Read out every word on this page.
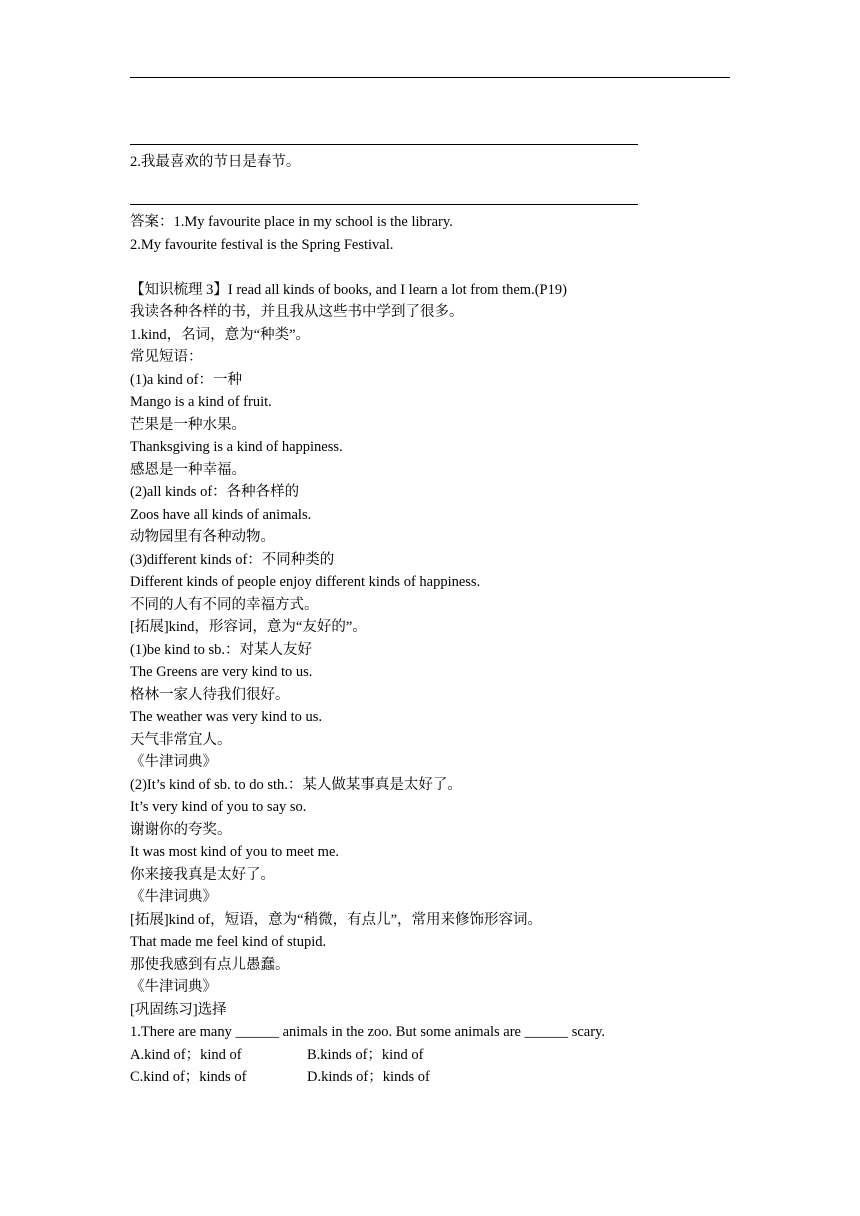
2.我最喜欢的节日是春节。

答案：1.My favourite place in my school is the library.

2.My favourite festival is the Spring Festival.

【知识梳理 3】I read all kinds of books, and I learn a lot from them.(P19)

我读各种各样的书，并且我从这些书中学到了很多。

1.kind，名词，意为“种类”。

常见短语：

(1)a kind of：一种

Mango is a kind of fruit.

芒果是一种水果。

Thanksgiving is a kind of happiness.

感恩是一种幸福。

(2)all kinds of：各种各样的

Zoos have all kinds of animals.

动物园里有各种动物。

(3)different kinds of：不同种类的

Different kinds of people enjoy different kinds of happiness.

不同的人有不同的幸福方式。

[拓展]kind，形容词，意为“友好的”。

(1)be kind to sb.：对某人友好

The Greens are very kind to us.

格林一家人待我们很好。

The weather was very kind to us.

天气非常宜人。

《牛津词典》

(2)It’s kind of sb. to do sth.：某人做某事真是太好了。

It’s very kind of you to say so.

谢谢你的夸奖。

It was most kind of you to meet me.

你来接我真是太好了。

《牛津词典》

[拓展]kind of，短语，意为“稍微，有点儿”，常用来修饰形容词。

That made me feel kind of stupid.

那使我感到有点儿愚蠢。

《牛津词典》

[巩固练习]选择

1.There are many ______ animals in the zoo. But some animals are ______ scary.

A.kind of；kind of	B.kinds of；kind of

C.kind of；kinds of	D.kinds of；kinds of
